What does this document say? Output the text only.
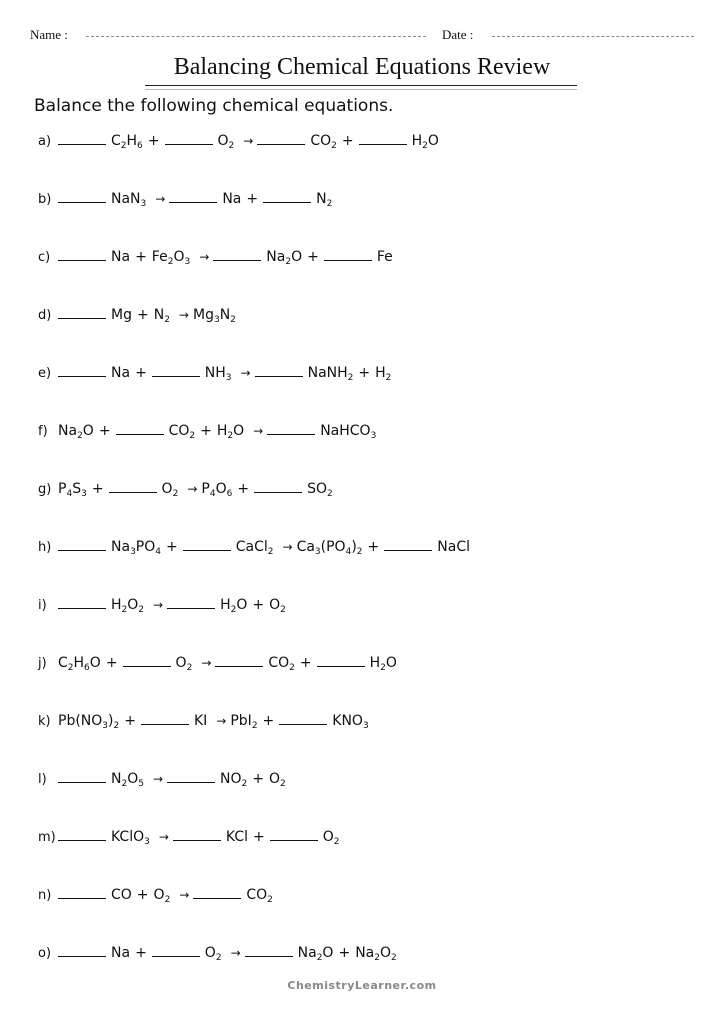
Name :	Date :
Balancing Chemical Equations Review
Balance the following chemical equations.
a)	$C_2H_6$ +	$O_2$ →	$CO_2$ +	$H_2O$
b)	NaN$_3$ →	Na +	$N_2$
c)	$Na + Fe_2O_3$ →	$Na_2O$ +	Fe
d)	$Mg + N_2 \to Mg_3N_2$
e)	Na +	$NH_3$ →	NaNH$_2$ + $H_2$
f) $Na_2O$ +	$CO_2 + H_2O$ →	NaHCO$_3$
g) $P_4S_3$ +	$O_2 \to P_4O_6$ +	$SO_2$
h)	$Na_3PO_4$ +	CaCl$_2$ → $Ca_3(PO_4)_2$ +	NaCl
i)	$H_2O_2$ →	$H_2O + O_2$
j) $C_2H_6O$ +	$O_2$ →	$CO_2$ +	$H_2O$
k) $Pb(NO_3)_2$ +	KI → PbI$_2$ +	$KNO_3$
l)	$N_2O_5$ →	$NO_2 + O_2$
m)	KClO$_3$ →	KCl +	$O_2$
n)	CO + $O_2$ →	$CO_2$
o)	Na +	$O_2$ →	$Na_2O + Na_2O_2$
ChemistryLearner.com
